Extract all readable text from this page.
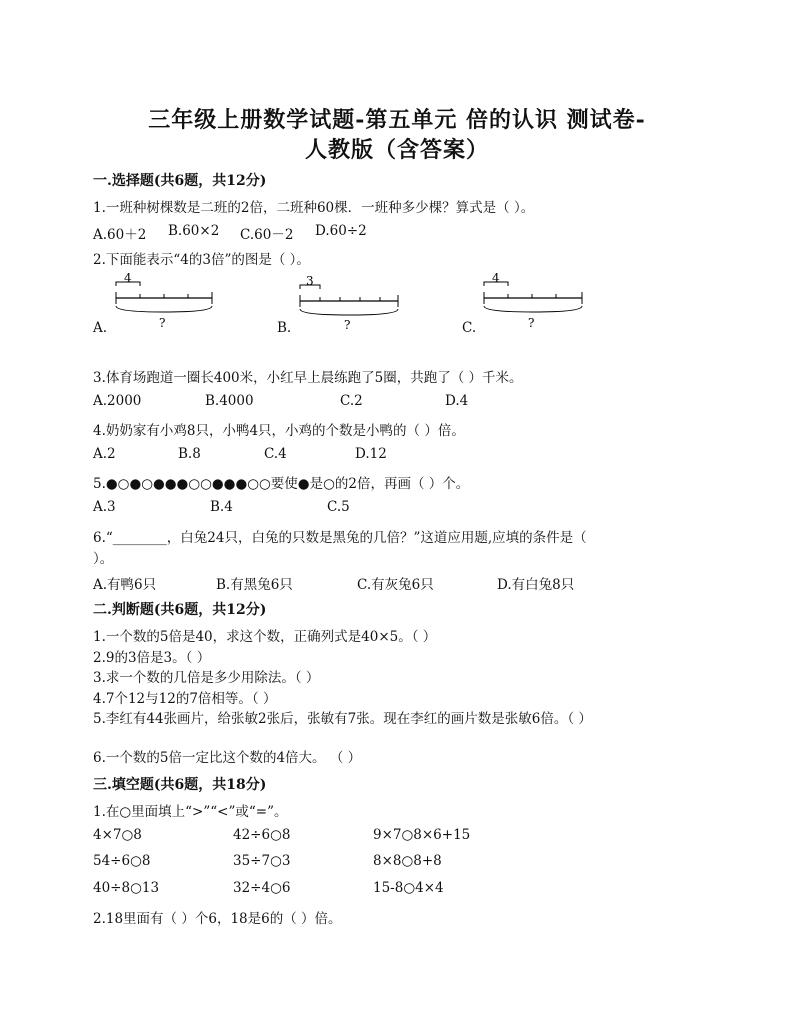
三年级上册数学试题-第五单元 倍的认识 测试卷-
人教版（含答案）
一.选择题(共6题，共12分)
1.一班种树棵数是二班的2倍，二班种60棵．一班种多少棵？算式是（ ）。
A.60＋2 B.60×2 C.60－2 D.60÷2
2.下面能表示“4的3倍”的图是（ ）。
4
?
A.
3
?
B.
4
?
C.
3.体育场跑道一圈长400米，小红早上晨练跑了5圈，共跑了（ ）千米。
A.2000	B.4000	C.2	D.4
4.奶奶家有小鸡8只，小鸭4只，小鸡的个数是小鸭的（ ）倍。
A.2	B.8	C.4	D.12
5.●○●○●●●○○●●●○○要使●是○的2倍，再画（ ）个。
A.3	B.4	C.5
6.“________，白兔24只，白兔的只数是黑兔的几倍？”这道应用题,应填的条件是（
）。
A.有鸭6只	B.有黑兔6只	C.有灰兔6只	D.有白兔8只
二.判断题(共6题，共12分)
1.一个数的5倍是40，求这个数，正确列式是40×5。（ ）
2.9的3倍是3。（ ）
3.求一个数的几倍是多少用除法。（ ）
4.7个12与12的7倍相等。（ ）
5.李红有44张画片，给张敏2张后，张敏有7张。现在李红的画片数是张敏6倍。（ ）
6.一个数的5倍一定比这个数的4倍大。 （ ）
三.填空题(共6题，共18分)
1.在○里面填上“>”“<”或“=”。
4×7○8	42÷6○8	9×7○8×6+15
54÷6○8	35÷7○3	8×8○8+8
40÷8○13	32÷4○6	15-8○4×4
2.18里面有（ ）个6，18是6的（ ）倍。
